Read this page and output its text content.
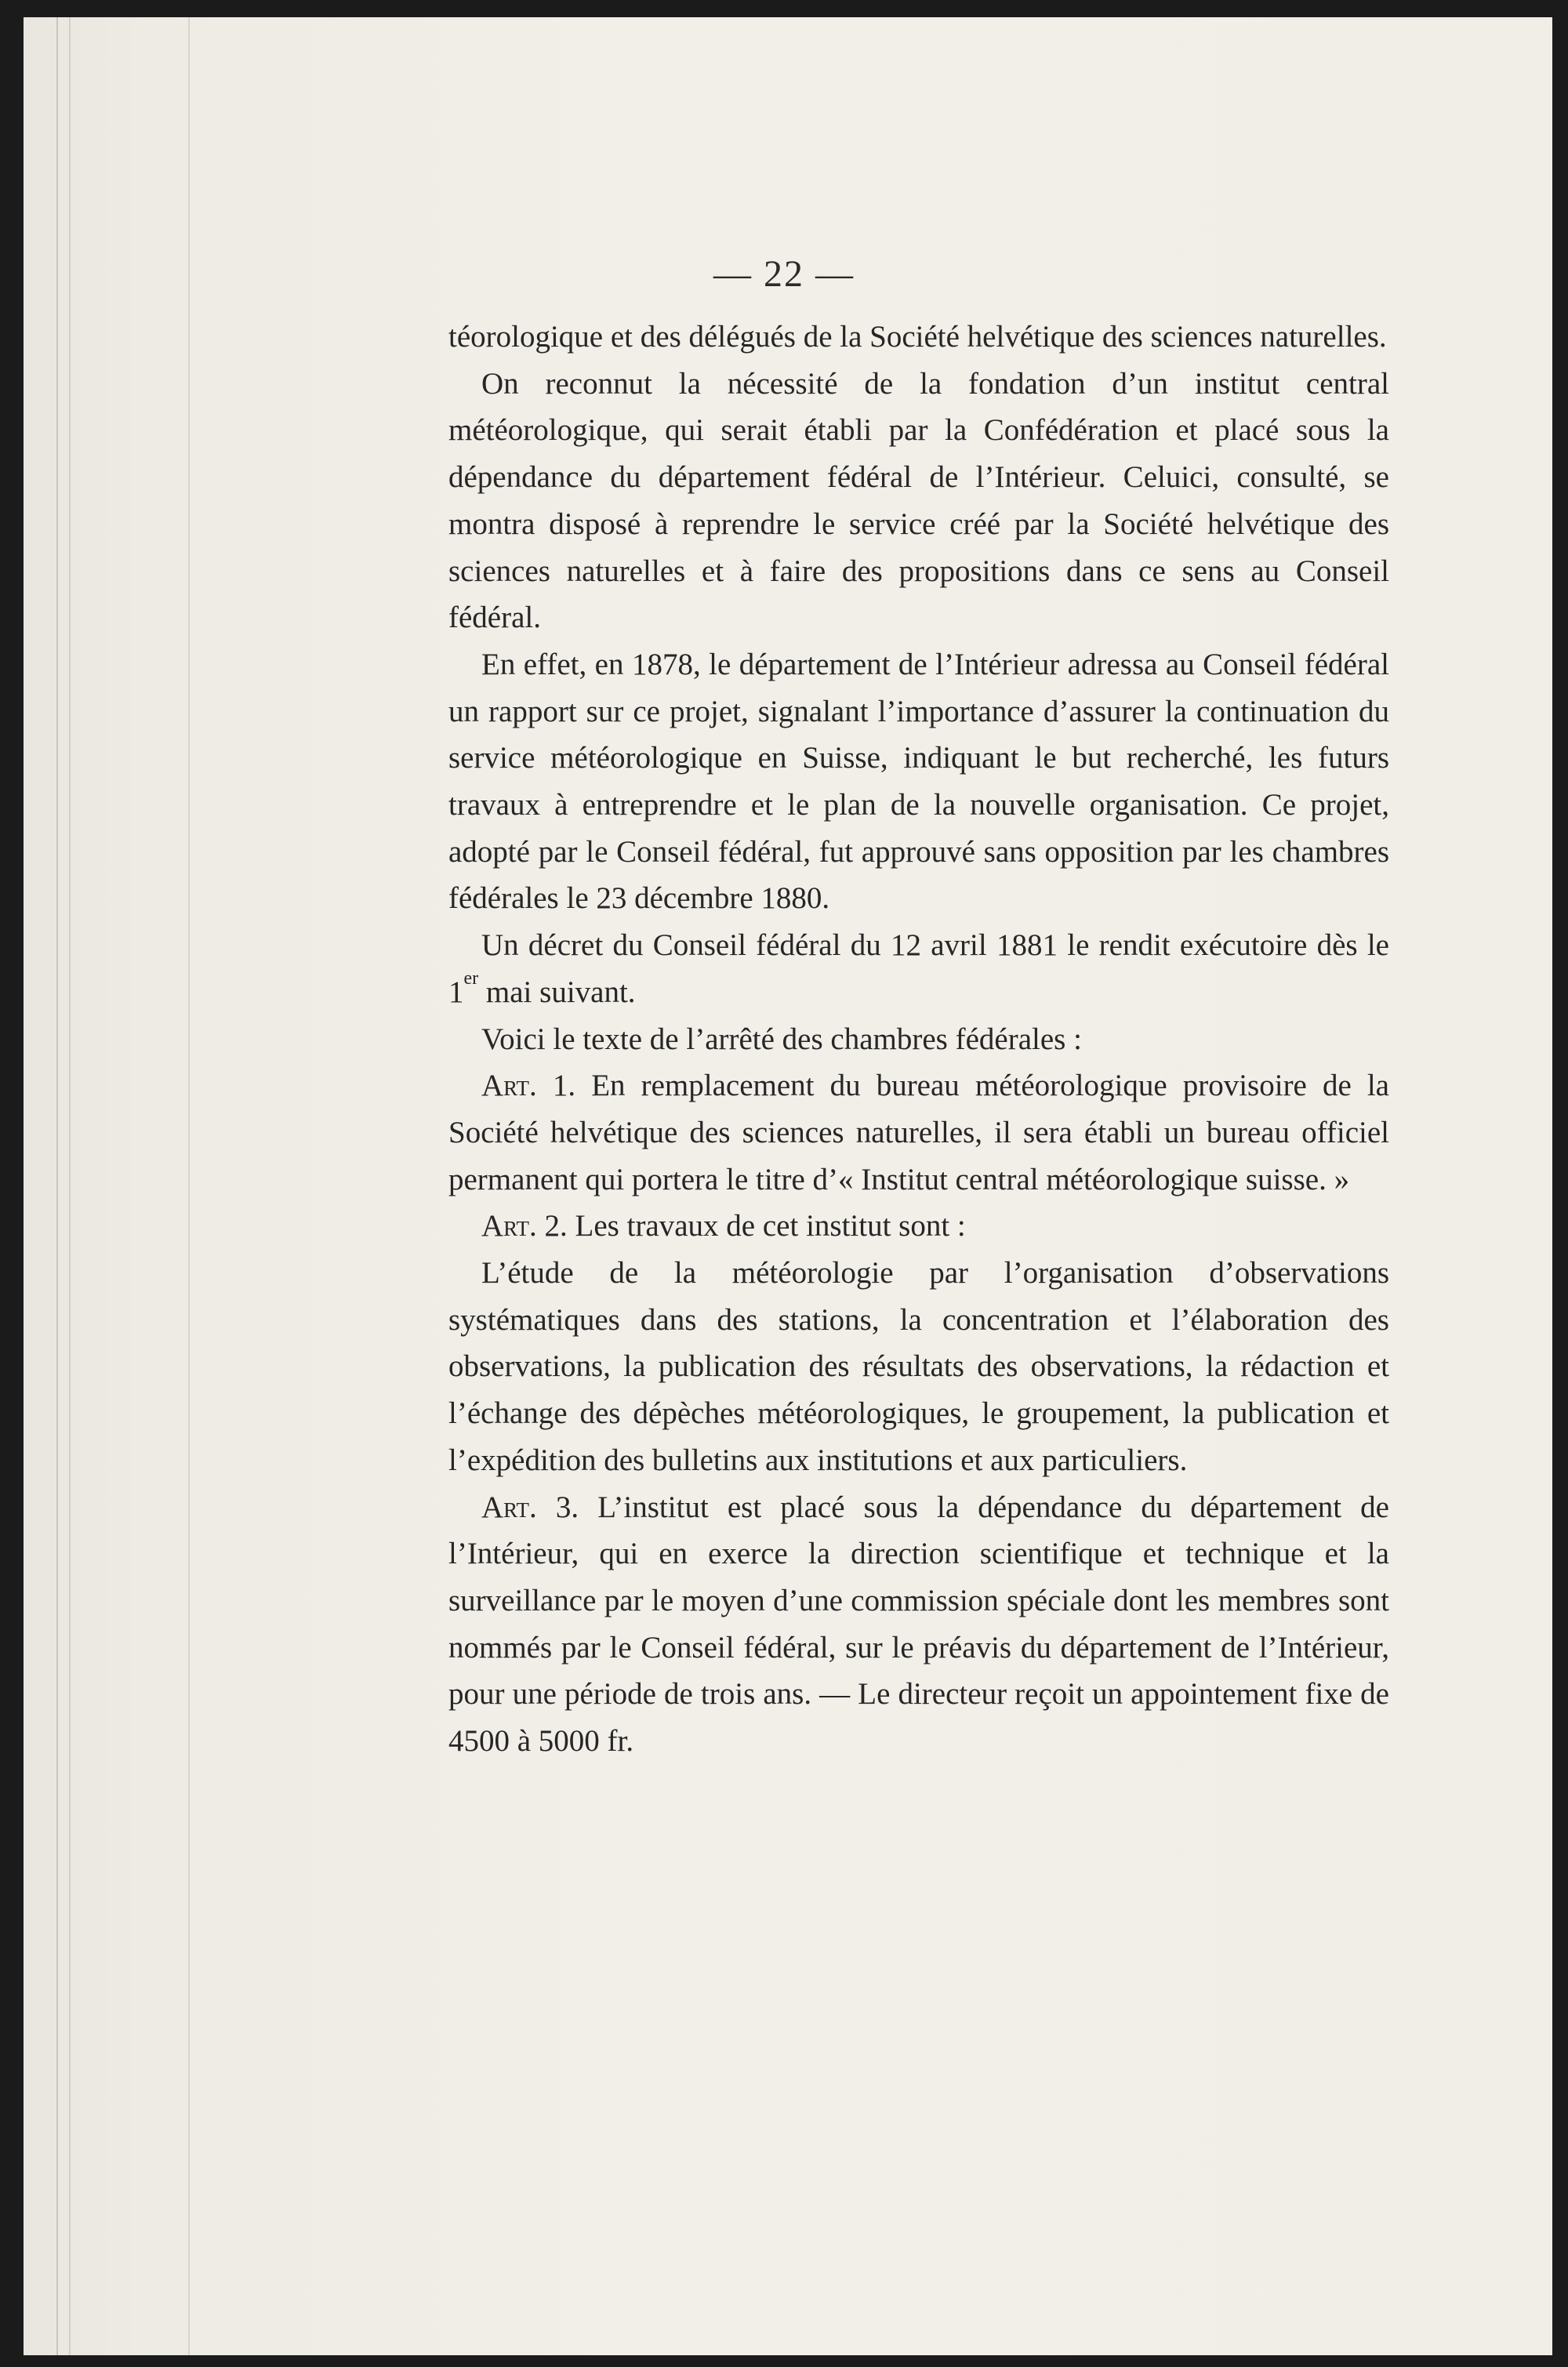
— 22 —

téorologique et des délégués de la Société helvétique des sciences naturelles.

On reconnut la nécessité de la fondation d’un institut central météorologique, qui serait établi par la Confédération et placé sous la dépendance du département fédéral de l’Intérieur. Celuici, consulté, se montra disposé à reprendre le service créé par la Société helvétique des sciences naturelles et à faire des propositions dans ce sens au Conseil fédéral.

En effet, en 1878, le département de l’Intérieur adressa au Conseil fédéral un rapport sur ce projet, signalant l’importance d’assurer la continuation du service météorologique en Suisse, indiquant le but recherché, les futurs travaux à entreprendre et le plan de la nouvelle organisation. Ce projet, adopté par le Conseil fédéral, fut approuvé sans opposition par les chambres fédérales le 23 décembre 1880.

Un décret du Conseil fédéral du 12 avril 1881 le rendit exécutoire dès le 1er mai suivant.

Voici le texte de l’arrêté des chambres fédérales :

Art. 1. En remplacement du bureau météorologique provisoire de la Société helvétique des sciences naturelles, il sera établi un bureau officiel permanent qui portera le titre d’« Institut central météorologique suisse. »

Art. 2. Les travaux de cet institut sont :

L’étude de la météorologie par l’organisation d’observations systématiques dans des stations, la concentration et l’élaboration des observations, la publication des résultats des observations, la rédaction et l’échange des dépèches météorologiques, le groupement, la publication et l’expédition des bulletins aux institutions et aux particuliers.

Art. 3. L’institut est placé sous la dépendance du département de l’Intérieur, qui en exerce la direction scientifique et technique et la surveillance par le moyen d’une commission spéciale dont les membres sont nommés par le Conseil fédéral, sur le préavis du département de l’Intérieur, pour une période de trois ans. — Le directeur reçoit un appointement fixe de 4500 à 5000 fr.
